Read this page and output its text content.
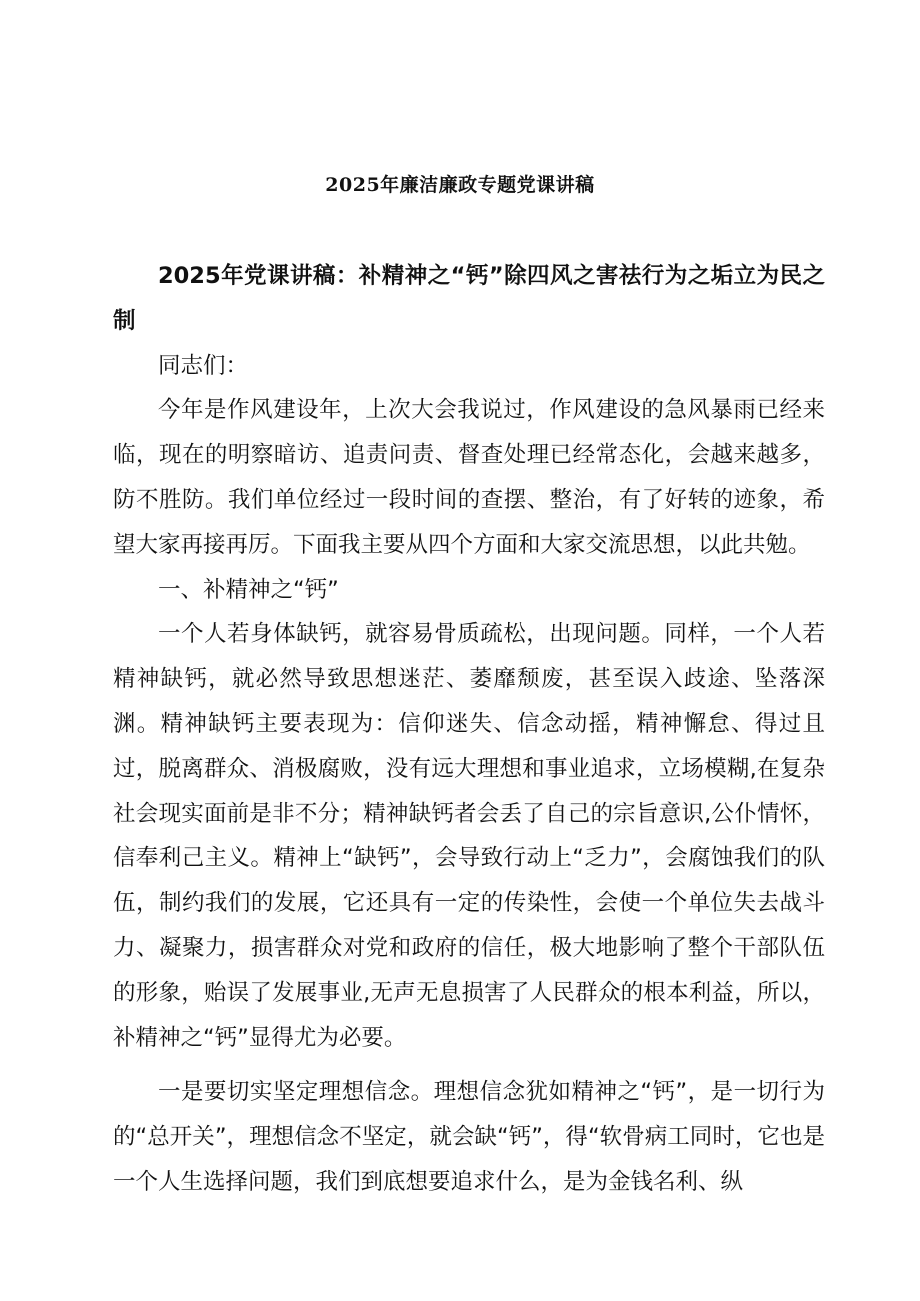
2025年廉洁廉政专题党课讲稿

2025年党课讲稿：补精神之“钙”除四风之害祛行为之垢立为民之制

同志们：

今年是作风建设年，上次大会我说过，作风建设的急风暴雨已经来临，现在的明察暗访、追责问责、督查处理已经常态化，会越来越多，防不胜防。我们单位经过一段时间的查摆、整治，有了好转的迹象，希望大家再接再厉。下面我主要从四个方面和大家交流思想，以此共勉。

一、补精神之“钙”

一个人若身体缺钙，就容易骨质疏松，出现问题。同样，一个人若精神缺钙，就必然导致思想迷茫、萎靡颓废，甚至误入歧途、坠落深渊。精神缺钙主要表现为：信仰迷失、信念动摇，精神懈怠、得过且过，脱离群众、消极腐败，没有远大理想和事业追求，立场模糊,在复杂社会现实面前是非不分；精神缺钙者会丢了自己的宗旨意识,公仆情怀，信奉利己主义。精神上“缺钙”，会导致行动上“乏力”，会腐蚀我们的队伍，制约我们的发展，它还具有一定的传染性，会使一个单位失去战斗力、凝聚力，损害群众对党和政府的信任，极大地影响了整个干部队伍的形象，贻误了发展事业,无声无息损害了人民群众的根本利益，所以，补精神之“钙”显得尤为必要。

一是要切实坚定理想信念。理想信念犹如精神之“钙”，是一切行为的“总开关”，理想信念不坚定，就会缺“钙”，得“软骨病工同时，它也是一个人生选择问题，我们到底想要追求什么，是为金钱名利、纵
